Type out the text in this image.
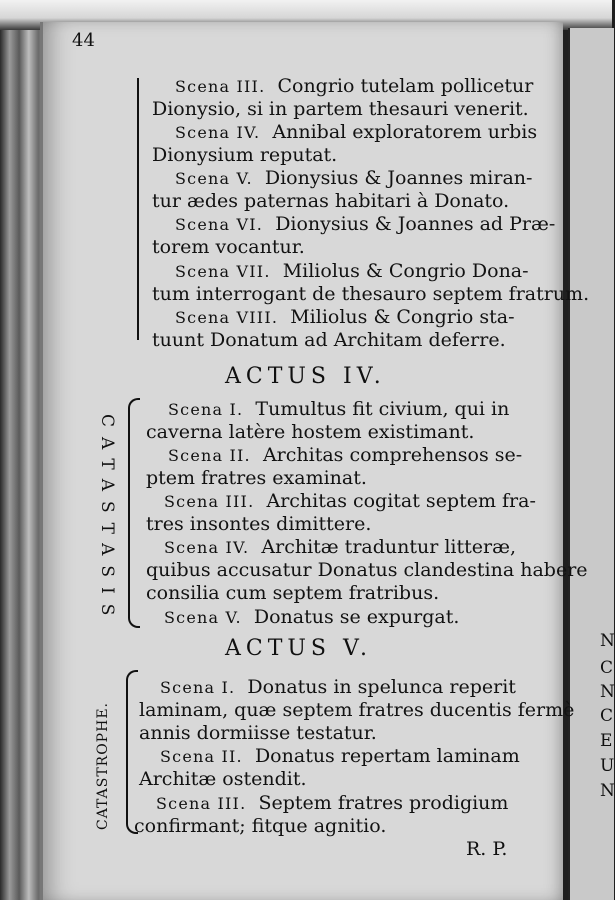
N
C
N
C
E
U
N
44
Scena III. Congrio tutelam pollicetur
Dionysio, si in partem thesauri venerit.
Scena IV. Annibal exploratorem urbis
Dionysium reputat.
Scena V. Dionysius & Joannes miran-
tur ædes paternas habitari à Donato.
Scena VI. Dionysius & Joannes ad Præ-
torem vocantur.
Scena VII. Miliolus & Congrio Dona-
tum interrogant de thesauro septem fratrum.
Scena VIII. Miliolus & Congrio sta-
tuunt Donatum ad Architam deferre.
ACTUS IV.
CATASTASIS
Scena I. Tumultus fit civium, qui in
caverna latère hostem existimant.
Scena II. Architas comprehensos se-
ptem fratres examinat.
Scena III. Architas cogitat septem fra-
tres insontes dimittere.
Scena IV. Architæ traduntur litteræ,
quibus accusatur Donatus clandestina habere
consilia cum septem fratribus.
Scena V. Donatus se expurgat.
ACTUS V.
CATASTROPHE.
Scena I. Donatus in spelunca reperit
laminam, quæ septem fratres ducentis fermè
annis dormiisse testatur.
Scena II. Donatus repertam laminam
Architæ ostendit.
Scena III. Septem fratres prodigium
confirmant; fitque agnitio.
R. P.
